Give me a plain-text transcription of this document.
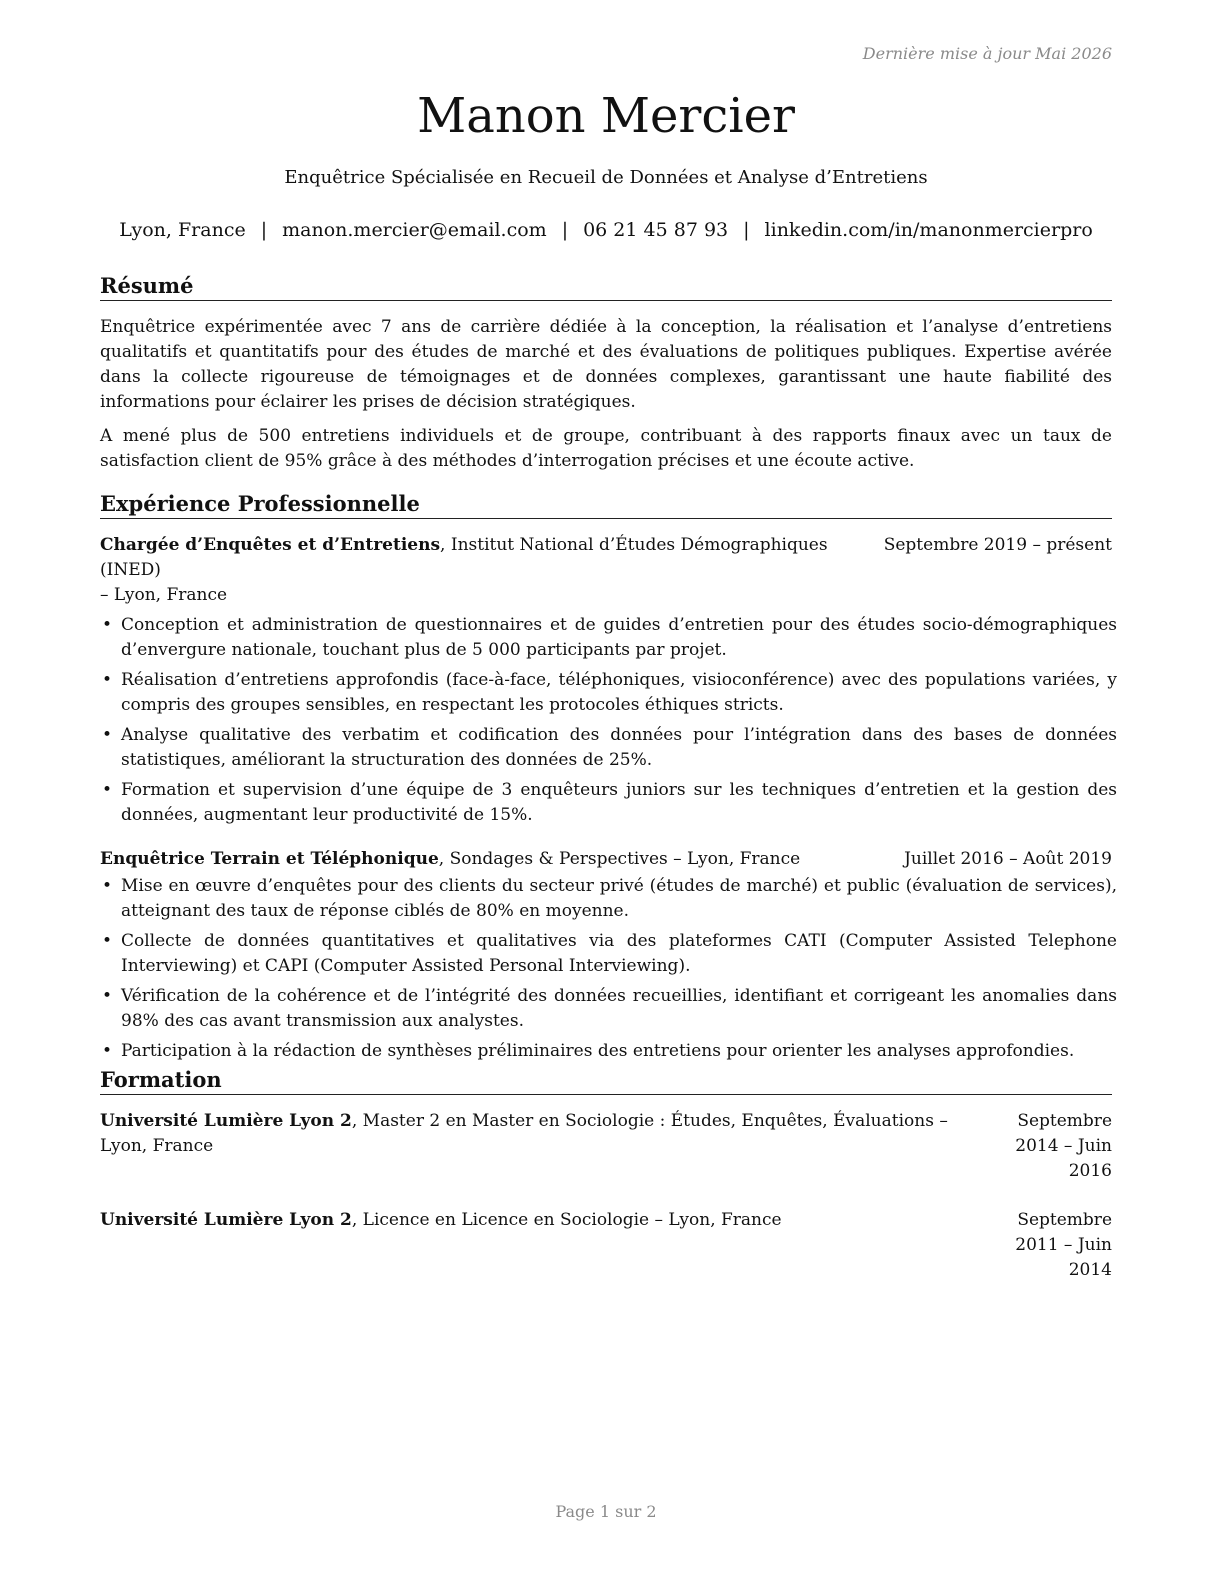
Dernière mise à jour Mai 2026
Manon Mercier
Enquêtrice Spécialisée en Recueil de Données et Analyse d’Entretiens
Lyon, France | manon.mercier@email.com | 06 21 45 87 93 | linkedin.com/in/manonmercierpro
Résumé

Enquêtrice expérimentée avec 7 ans de carrière dédiée à la conception, la réalisation et l’analyse d’entretiens qualitatifs et quantitatifs pour des études de marché et des évaluations de politiques publiques. Expertise avérée dans la collecte rigoureuse de témoignages et de données complexes, garantissant une haute fiabilité des informations pour éclairer les prises de décision stratégiques.

A mené plus de 500 entretiens individuels et de groupe, contribuant à des rapports finaux avec un taux de satisfaction client de 95% grâce à des méthodes d’interrogation précises et une écoute active.

Expérience Professionnelle
Chargée d’Enquêtes et d’Entretiens, Institut National d’Études Démographiques (INED)
Septembre 2019 – présent
– Lyon, France
• Conception et administration de questionnaires et de guides d’entretien pour des études socio-démographiques d’envergure nationale, touchant plus de 5 000 participants par projet.
• Réalisation d’entretiens approfondis (face-à-face, téléphoniques, visioconférence) avec des populations variées, y compris des groupes sensibles, en respectant les protocoles éthiques stricts.
• Analyse qualitative des verbatim et codification des données pour l’intégration dans des bases de données statistiques, améliorant la structuration des données de 25%.
• Formation et supervision d’une équipe de 3 enquêteurs juniors sur les techniques d’entretien et la gestion des données, augmentant leur productivité de 15%.
Enquêtrice Terrain et Téléphonique, Sondages & Perspectives – Lyon, France	Juillet 2016 – Août 2019
• Mise en œuvre d’enquêtes pour des clients du secteur privé (études de marché) et public (évaluation de services), atteignant des taux de réponse ciblés de 80% en moyenne.
• Collecte de données quantitatives et qualitatives via des plateformes CATI (Computer Assisted Telephone Interviewing) et CAPI (Computer Assisted Personal Interviewing).
• Vérification de la cohérence et de l’intégrité des données recueillies, identifiant et corrigeant les anomalies dans 98% des cas avant transmission aux analystes.
• Participation à la rédaction de synthèses préliminaires des entretiens pour orienter les analyses approfondies.
Formation
Université Lumière Lyon 2, Master 2 en Master en Sociologie : Études, Enquêtes, Évaluations – Lyon, France
Septembre 2014 – Juin 2016
Université Lumière Lyon 2, Licence en Licence en Sociologie – Lyon, France	Septembre 2011 – Juin 2014
Page 1 sur 2
